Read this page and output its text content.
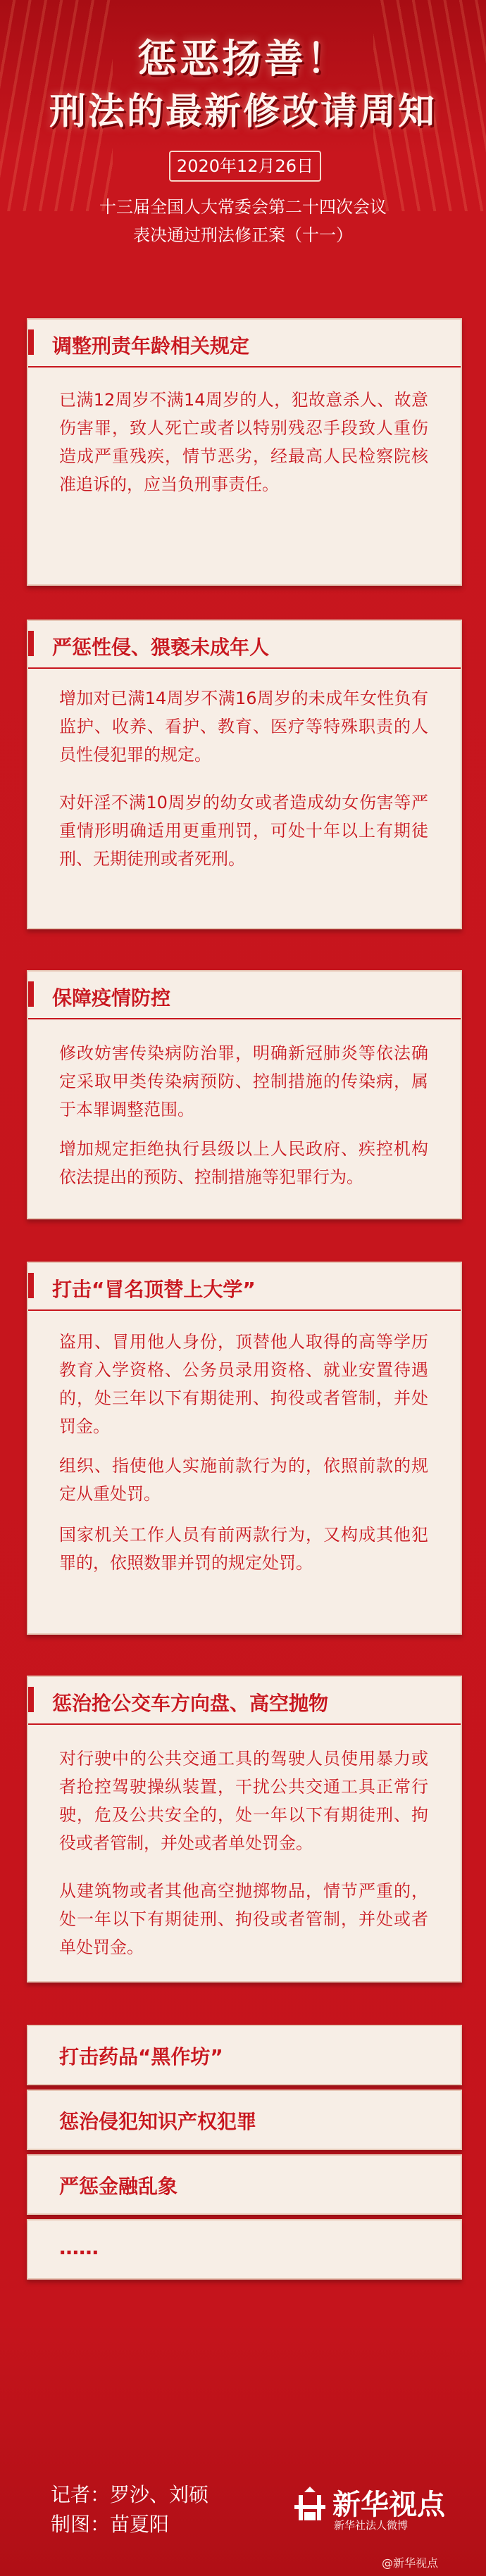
惩恶扬善！
刑法的最新修改请周知
2020年12月26日
十三届全国人大常委会第二十四次会议
表决通过刑法修正案（十一）
调整刑责年龄相关规定
已满12周岁不满14周岁的人，犯故意杀人、故意伤害罪，致人死亡或者以特别残忍手段致人重伤造成严重残疾，情节恶劣，经最高人民检察院核准追诉的，应当负刑事责任。
严惩性侵、猥亵未成年人
增加对已满14周岁不满16周岁的未成年女性负有监护、收养、看护、教育、医疗等特殊职责的人员性侵犯罪的规定。
对奸淫不满10周岁的幼女或者造成幼女伤害等严重情形明确适用更重刑罚，可处十年以上有期徒刑、无期徒刑或者死刑。
保障疫情防控
修改妨害传染病防治罪，明确新冠肺炎等依法确定采取甲类传染病预防、控制措施的传染病，属于本罪调整范围。
增加规定拒绝执行县级以上人民政府、疾控机构依法提出的预防、控制措施等犯罪行为。
打击“冒名顶替上大学”
盗用、冒用他人身份，顶替他人取得的高等学历教育入学资格、公务员录用资格、就业安置待遇的，处三年以下有期徒刑、拘役或者管制，并处罚金。
组织、指使他人实施前款行为的，依照前款的规定从重处罚。
国家机关工作人员有前两款行为，又构成其他犯罪的，依照数罪并罚的规定处罚。
惩治抢公交车方向盘、高空抛物
对行驶中的公共交通工具的驾驶人员使用暴力或者抢控驾驶操纵装置，干扰公共交通工具正常行驶，危及公共安全的，处一年以下有期徒刑、拘役或者管制，并处或者单处罚金。
从建筑物或者其他高空抛掷物品，情节严重的，处一年以下有期徒刑、拘役或者管制，并处或者单处罚金。
打击药品“黑作坊”
惩治侵犯知识产权犯罪
严惩金融乱象
……
记者：罗沙、刘硕
制图：苗夏阳
新华视点
新华社法人微博
@新华视点
